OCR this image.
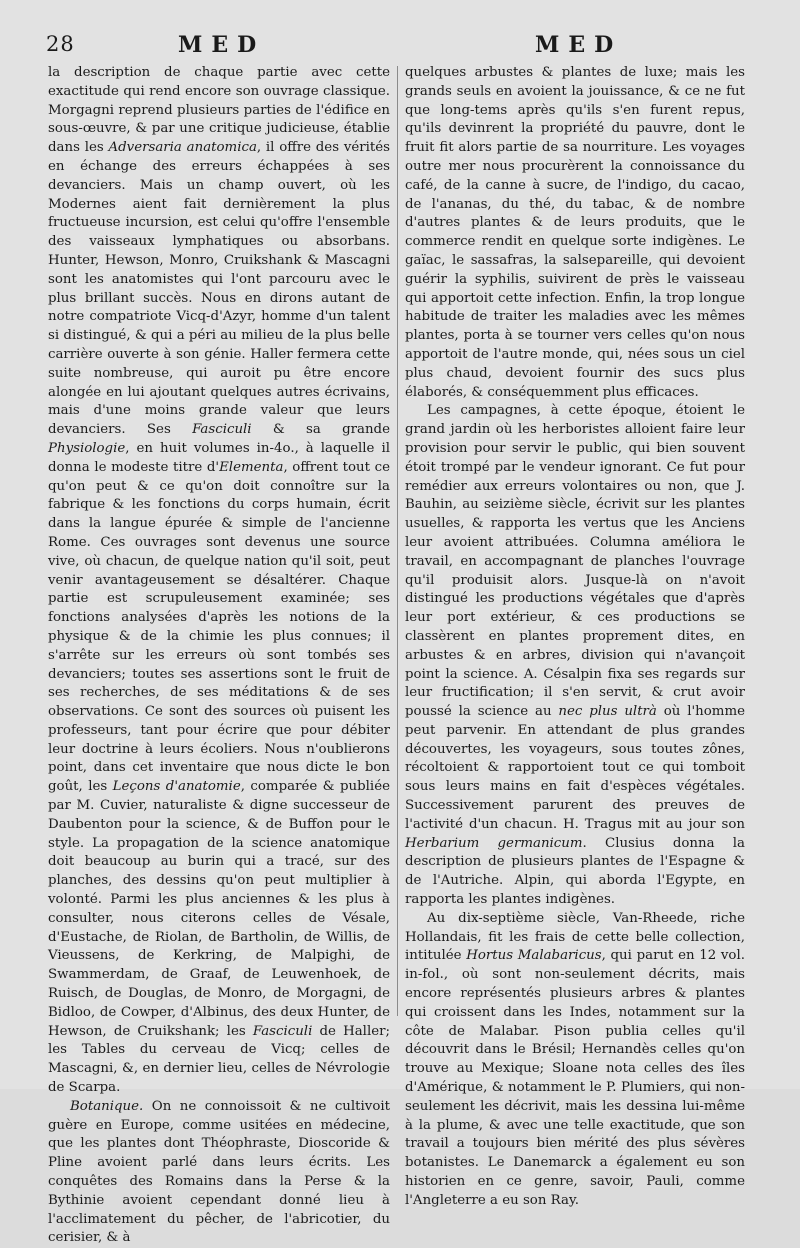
28	MED	MED

la description de chaque partie avec cette exactitude qui rend encore son ouvrage classique. Morgagni reprend plusieurs parties de l'édifice en sous-œuvre, & par une critique judicieuse, établie dans les Adversaria anatomica, il offre des vérités en échange des erreurs échappées à ses devanciers. Mais un champ ouvert, où les Modernes aient fait dernièrement la plus fructueuse incursion, est celui qu'offre l'ensemble des vaisseaux lymphatiques ou absorbans. Hunter, Hewson, Monro, Cruikshank & Mascagni sont les anatomistes qui l'ont parcouru avec le plus brillant succès. Nous en dirons autant de notre compatriote Vicq-d'Azyr, homme d'un talent si distingué, & qui a péri au milieu de la plus belle carrière ouverte à son génie. Haller fermera cette suite nombreuse, qui auroit pu être encore alongée en lui ajoutant quelques autres écrivains, mais d'une moins grande valeur que leurs devanciers. Ses Fasciculi & sa grande Physiologie, en huit volumes in-4o., à laquelle il donna le modeste titre d'Elementa, offrent tout ce qu'on peut & ce qu'on doit connoître sur la fabrique & les fonctions du corps humain, écrit dans la langue épurée & simple de l'ancienne Rome. Ces ouvrages sont devenus une source vive, où chacun, de quelque nation qu'il soit, peut venir avantageusement se désaltérer. Chaque partie est scrupuleusement examinée; ses fonctions analysées d'après les notions de la physique & de la chimie les plus connues; il s'arrête sur les erreurs où sont tombés ses devanciers; toutes ses assertions sont le fruit de ses recherches, de ses méditations & de ses observations. Ce sont des sources où puisent les professeurs, tant pour écrire que pour débiter leur doctrine à leurs écoliers. Nous n'oublierons point, dans cet inventaire que nous dicte le bon goût, les Leçons d'anatomie, comparée & publiée par M. Cuvier, naturaliste & digne successeur de Daubenton pour la science, & de Buffon pour le style. La propagation de la science anatomique doit beaucoup au burin qui a tracé, sur des planches, des dessins qu'on peut multiplier à volonté. Parmi les plus anciennes & les plus à consulter, nous citerons celles de Vésale, d'Eustache, de Riolan, de Bartholin, de Willis, de Vieussens, de Kerkring, de Malpighi, de Swammerdam, de Graaf, de Leuwenhoek, de Ruisch, de Douglas, de Monro, de Morgagni, de Bidloo, de Cowper, d'Albinus, des deux Hunter, de Hewson, de Cruikshank; les Fasciculi de Haller; les Tables du cerveau de Vicq; celles de Mascagni, &, en dernier lieu, celles de Névrologie de Scarpa.

Botanique. On ne connoissoit & ne cultivoit guère en Europe, comme usitées en médecine, que les plantes dont Théophraste, Dioscoride & Pline avoient parlé dans leurs écrits. Les conquêtes des Romains dans la Perse & la Bythinie avoient cependant donné lieu à l'acclimatement du pêcher, de l'abricotier, du cerisier, & à

quelques arbustes & plantes de luxe; mais les grands seuls en avoient la jouissance, & ce ne fut que long-tems après qu'ils s'en furent repus, qu'ils devinrent la propriété du pauvre, dont le fruit fit alors partie de sa nourriture. Les voyages outre mer nous procurèrent la connoissance du café, de la canne à sucre, de l'indigo, du cacao, de l'ananas, du thé, du tabac, & de nombre d'autres plantes & de leurs produits, que le commerce rendit en quelque sorte indigènes. Le gaïac, le sassafras, la salsepareille, qui devoient guérir la syphilis, suivirent de près le vaisseau qui apportoit cette infection. Enfin, la trop longue habitude de traiter les maladies avec les mêmes plantes, porta à se tourner vers celles qu'on nous apportoit de l'autre monde, qui, nées sous un ciel plus chaud, devoient fournir des sucs plus élaborés, & conséquemment plus efficaces.

Les campagnes, à cette époque, étoient le grand jardin où les herboristes alloient faire leur provision pour servir le public, qui bien souvent étoit trompé par le vendeur ignorant. Ce fut pour remédier aux erreurs volontaires ou non, que J. Bauhin, au seizième siècle, écrivit sur les plantes usuelles, & rapporta les vertus que les Anciens leur avoient attribuées. Columna améliora le travail, en accompagnant de planches l'ouvrage qu'il produisit alors. Jusque-là on n'avoit distingué les productions végétales que d'après leur port extérieur, & ces productions se classèrent en plantes proprement dites, en arbustes & en arbres, division qui n'avançoit point la science. A. Césalpin fixa ses regards sur leur fructification; il s'en servit, & crut avoir poussé la science au nec plus ultrà où l'homme peut parvenir. En attendant de plus grandes découvertes, les voyageurs, sous toutes zônes, récoltoient & rapportoient tout ce qui tomboit sous leurs mains en fait d'espèces végétales. Successivement parurent des preuves de l'activité d'un chacun. H. Tragus mit au jour son Herbarium germanicum. Clusius donna la description de plusieurs plantes de l'Espagne & de l'Autriche. Alpin, qui aborda l'Egypte, en rapporta les plantes indigènes.

Au dix-septième siècle, Van-Rheede, riche Hollandais, fit les frais de cette belle collection, intitulée Hortus Malabaricus, qui parut en 12 vol. in-fol., où sont non-seulement décrits, mais encore représentés plusieurs arbres & plantes qui croissent dans les Indes, notamment sur la côte de Malabar. Pison publia celles qu'il découvrit dans le Brésil; Hernandès celles qu'on trouve au Mexique; Sloane nota celles des îles d'Amérique, & notamment le P. Plumiers, qui non-seulement les décrivit, mais les dessina lui-même à la plume, & avec une telle exactitude, que son travail a toujours bien mérité des plus sévères botanistes. Le Danemarck a également eu son historien en ce genre, savoir, Pauli, comme l'Angleterre a eu son Ray.
